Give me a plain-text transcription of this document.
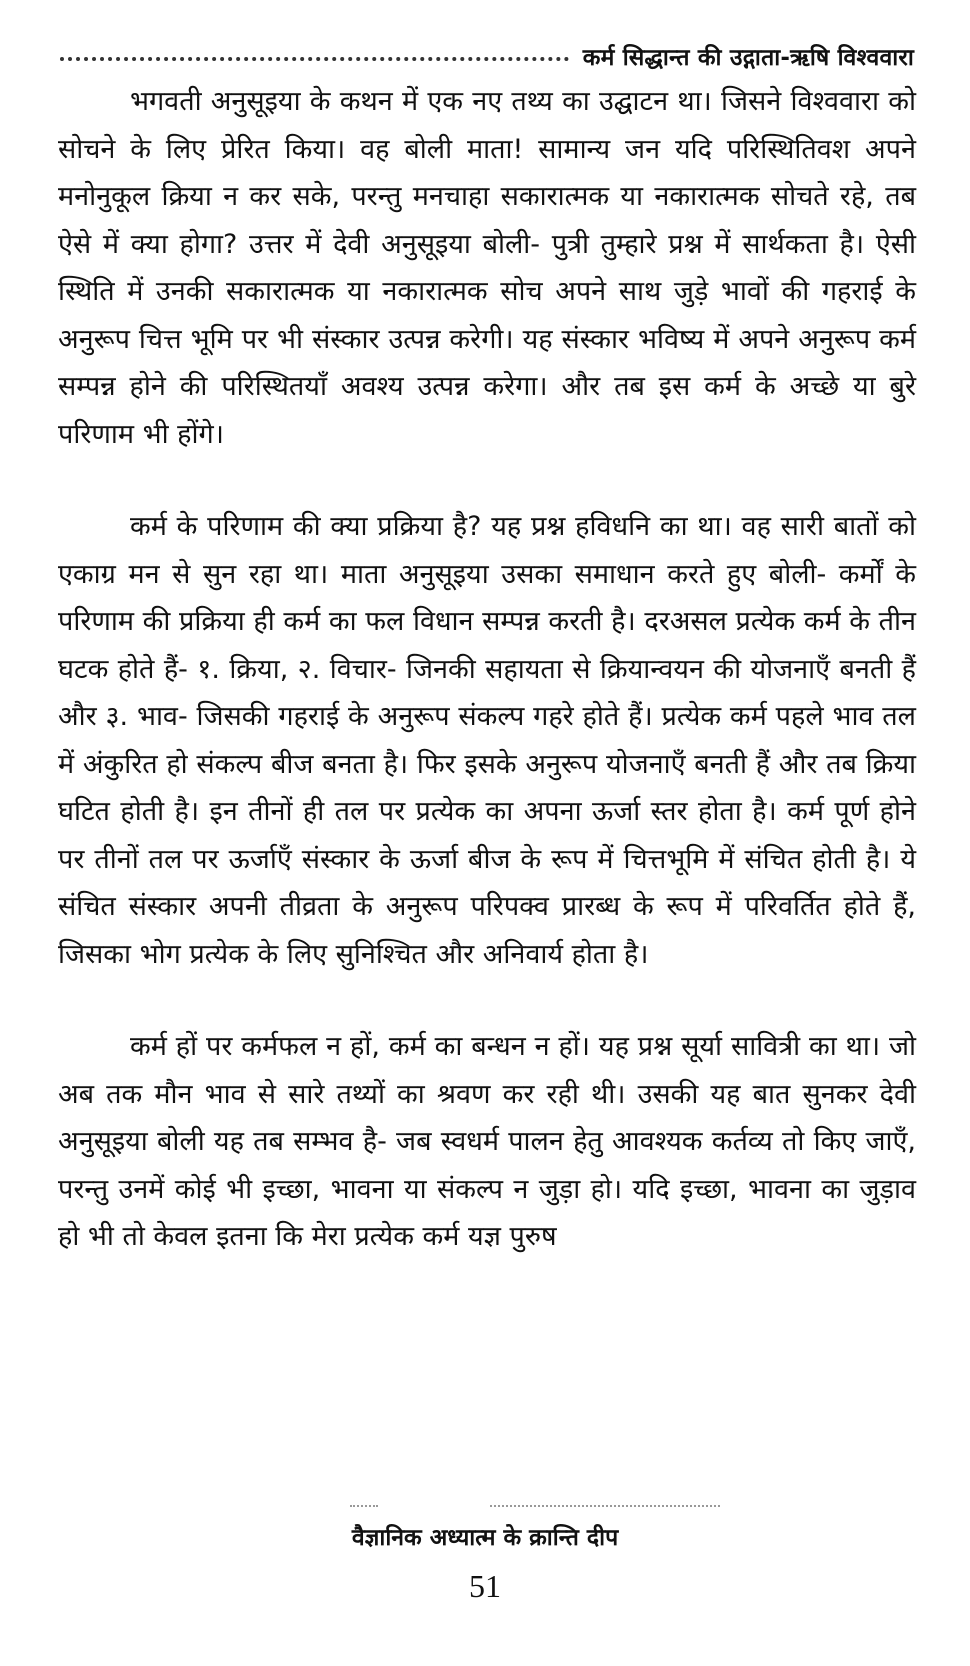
कर्म सिद्धान्त की उद्गाता-ऋषि विश्ववारा

भगवती अनुसूइया के कथन में एक नए तथ्य का उद्घाटन था। जिसने विश्ववारा को सोचने के लिए प्रेरित किया। वह बोली माता! सामान्य जन यदि परिस्थितिवश अपने मनोनुकूल क्रिया न कर सके, परन्तु मनचाहा सकारात्मक या नकारात्मक सोचते रहे, तब ऐसे में क्या होगा? उत्तर में देवी अनुसूइया बोली- पुत्री तुम्हारे प्रश्न में सार्थकता है। ऐसी स्थिति में उनकी सकारात्मक या नकारात्मक सोच अपने साथ जुड़े भावों की गहराई के अनुरूप चित्त भूमि पर भी संस्कार उत्पन्न करेगी। यह संस्कार भविष्य में अपने अनुरूप कर्म सम्पन्न होने की परिस्थितयाँ अवश्य उत्पन्न करेगा। और तब इस कर्म के अच्छे या बुरे परिणाम भी होंगे।

कर्म के परिणाम की क्या प्रक्रिया है? यह प्रश्न हविधनि का था। वह सारी बातों को एकाग्र मन से सुन रहा था। माता अनुसूइया उसका समाधान करते हुए बोली- कर्मों के परिणाम की प्रक्रिया ही कर्म का फल विधान सम्पन्न करती है। दरअसल प्रत्येक कर्म के तीन घटक होते हैं- १. क्रिया, २. विचार- जिनकी सहायता से क्रियान्वयन की योजनाएँ बनती हैं और ३. भाव- जिसकी गहराई के अनुरूप संकल्प गहरे होते हैं। प्रत्येक कर्म पहले भाव तल में अंकुरित हो संकल्प बीज बनता है। फिर इसके अनुरूप योजनाएँ बनती हैं और तब क्रिया घटित होती है। इन तीनों ही तल पर प्रत्येक का अपना ऊर्जा स्तर होता है। कर्म पूर्ण होने पर तीनों तल पर ऊर्जाएँ संस्कार के ऊर्जा बीज के रूप में चित्तभूमि में संचित होती है। ये संचित संस्कार अपनी तीव्रता के अनुरूप परिपक्व प्रारब्ध के रूप में परिवर्तित होते हैं, जिसका भोग प्रत्येक के लिए सुनिश्चित और अनिवार्य होता है।

कर्म हों पर कर्मफल न हों, कर्म का बन्धन न हों। यह प्रश्न सूर्या सावित्री का था। जो अब तक मौन भाव से सारे तथ्यों का श्रवण कर रही थी। उसकी यह बात सुनकर देवी अनुसूइया बोली यह तब सम्भव है- जब स्वधर्म पालन हेतु आवश्यक कर्तव्य तो किए जाएँ, परन्तु उनमें कोई भी इच्छा, भावना या संकल्प न जुड़ा हो। यदि इच्छा, भावना का जुड़ाव हो भी तो केवल इतना कि मेरा प्रत्येक कर्म यज्ञ पुरुष

वैज्ञानिक अध्यात्म के क्रान्ति दीप
51
